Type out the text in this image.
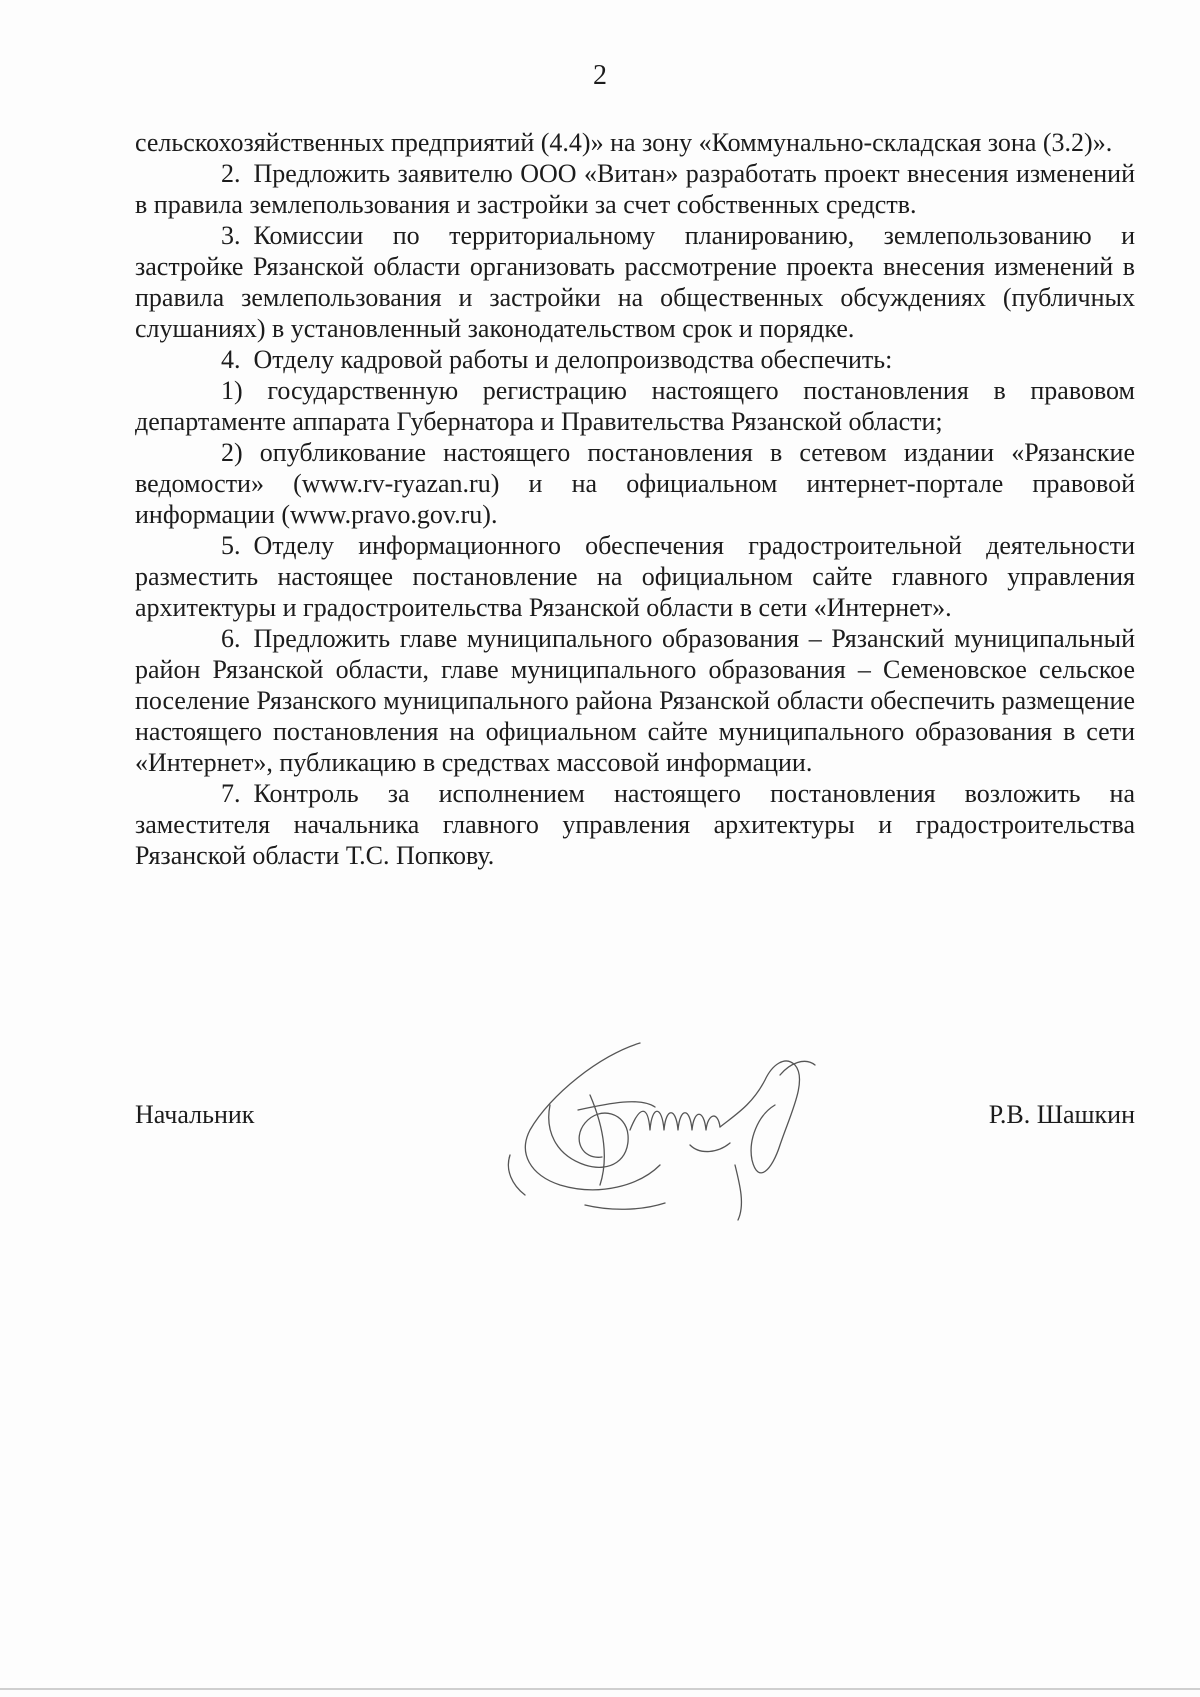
2

сельскохозяйственных предприятий (4.4)» на зону «Коммунально-складская зона (3.2)».

2. Предложить заявителю ООО «Витан» разработать проект внесения изменений в правила землепользования и застройки за счет собственных средств.

3. Комиссии по территориальному планированию, землепользованию и застройке Рязанской области организовать рассмотрение проекта внесения изменений в правила землепользования и застройки на общественных обсуждениях (публичных слушаниях) в установленный законодательством срок и порядке.

4. Отделу кадровой работы и делопроизводства обеспечить:

1) государственную регистрацию настоящего постановления в правовом департаменте аппарата Губернатора и Правительства Рязанской области;

2) опубликование настоящего постановления в сетевом издании «Рязанские ведомости» (www.rv-ryazan.ru) и на официальном интернет-портале правовой информации (www.pravo.gov.ru).

5. Отделу информационного обеспечения градостроительной деятельности разместить настоящее постановление на официальном сайте главного управления архитектуры и градостроительства Рязанской области в сети «Интернет».

6. Предложить главе муниципального образования – Рязанский муниципальный район Рязанской области, главе муниципального образования – Семеновское сельское поселение Рязанского муниципального района Рязанской области обеспечить размещение настоящего постановления на официальном сайте муниципального образования в сети «Интернет», публикацию в средствах массовой информации.

7. Контроль за исполнением настоящего постановления возложить на заместителя начальника главного управления архитектуры и градостроительства Рязанской области Т.С. Попкову.

Начальник	Р.В. Шашкин
